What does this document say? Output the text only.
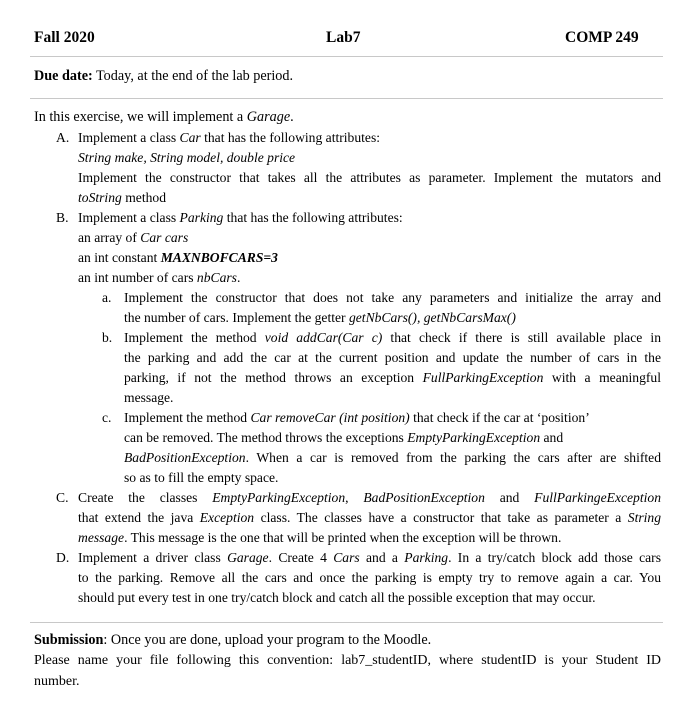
Fall 2020	Lab7	COMP 249
Due date: Today, at the end of the lab period.
In this exercise, we will implement a Garage.
A. Implement a class Car that has the following attributes:
String make, String model, double price
Implement the constructor that takes all the attributes as parameter. Implement the mutators and
toString method
B. Implement a class Parking that has the following attributes:
an array of Car cars
an int constant MAXNBOFCARS=3
an int number of cars nbCars.
a. Implement the constructor that does not take any parameters and initialize the array and
the number of cars. Implement the getter getNbCars(), getNbCarsMax()
b. Implement the method void addCar(Car c) that check if there is still available place in
the parking and add the car at the current position and update the number of cars in the
parking, if not the method throws an exception FullParkingException with a meaningful
message.
c. Implement the method Car removeCar (int position) that check if the car at ‘position’
can be removed. The method throws the exceptions EmptyParkingException and
BadPositionException. When a car is removed from the parking the cars after are shifted
so as to fill the empty space.
C. Create the classes EmptyParkingException, BadPositionException and FullParkingeException
that extend the java Exception class. The classes have a constructor that take as parameter a String
message. This message is the one that will be printed when the exception will be thrown.
D. Implement a driver class Garage. Create 4 Cars and a Parking. In a try/catch block add those cars
to the parking. Remove all the cars and once the parking is empty try to remove again a car. You
should put every test in one try/catch block and catch all the possible exception that may occur.
Submission: Once you are done, upload your program to the Moodle.
Please name your file following this convention: lab7_studentID, where studentID is your Student ID
number.
